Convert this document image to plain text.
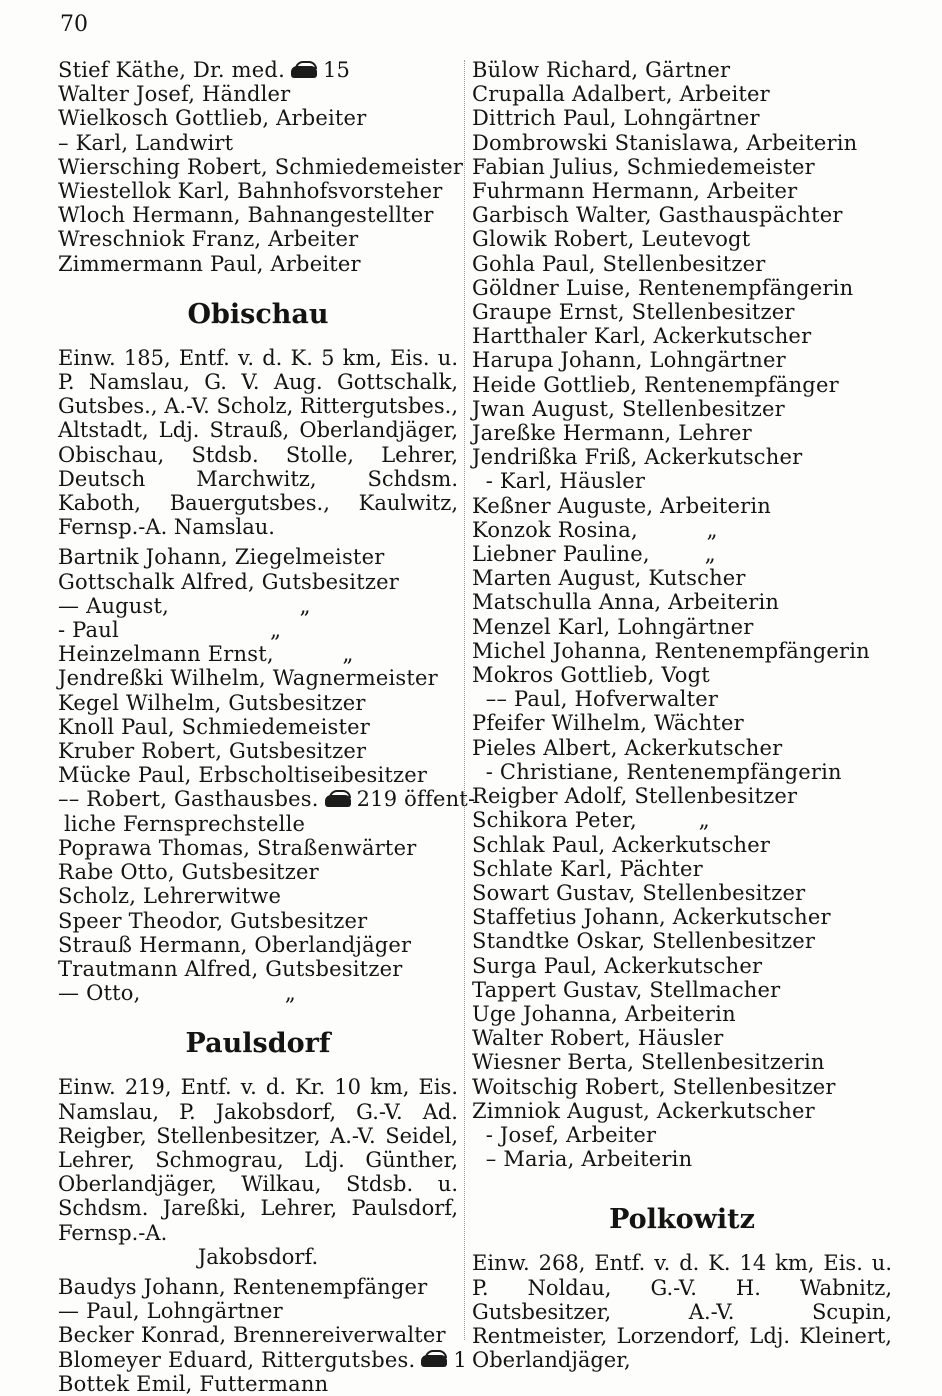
70
Stief Käthe, Dr. med. 15
Walter Josef, Händler
Wielkosch Gottlieb, Arbeiter
– Karl, Landwirt
Wiersching Robert, Schmiedemeister
Wiestellok Karl, Bahnhofsvorsteher
Wloch Hermann, Bahnangestellter
Wreschniok Franz, Arbeiter
Zimmermann Paul, Arbeiter
Obischau
Einw. 185, Entf. v. d. K. 5 km, Eis. u. P. Namslau, G. V. Aug. Gottschalk, Gutsbes., A.-V. Scholz, Rittergutsbes., Altstadt, Ldj. Strauß, Oberlandjäger, Obischau, Stdsb. Stolle, Lehrer, Deutsch Marchwitz, Schdsm. Kaboth, Bauergutsbes., Kaulwitz, Fernsp.-A. Namslau.
Bartnik Johann, Ziegelmeister
Gottschalk Alfred, Gutsbesitzer
— August,                   „
- Paul                      „
Heinzelmann Ernst,          „
Jendreßki Wilhelm, Wagnermeister
Kegel Wilhelm, Gutsbesitzer
Knoll Paul, Schmiedemeister
Kruber Robert, Gutsbesitzer
Mücke Paul, Erbscholtiseibesitzer
–– Robert, Gasthausbes. 219 öffent-
liche Fernsprechstelle
Poprawa Thomas, Straßenwärter
Rabe Otto, Gutsbesitzer
Scholz, Lehrerwitwe
Speer Theodor, Gutsbesitzer
Strauß Hermann, Oberlandjäger
Trautmann Alfred, Gutsbesitzer
— Otto,                     „
Paulsdorf
Einw. 219, Entf. v. d. Kr. 10 km, Eis. Namslau, P. Jakobsdorf, G.-V. Ad. Reigber, Stellenbesitzer, A.-V. Seidel, Lehrer, Schmograu, Ldj. Günther, Oberlandjäger, Wilkau, Stdsb. u. Schdsm. Jareßki, Lehrer, Paulsdorf, Fernsp.-A.
Jakobsdorf.
Baudys Johann, Rentenempfänger
— Paul, Lohngärtner
Becker Konrad, Brennereiverwalter
Blomeyer Eduard, Rittergutsbes. 1
Bottek Emil, Futtermann
Bülow Richard, Gärtner
Crupalla Adalbert, Arbeiter
Dittrich Paul, Lohngärtner
Dombrowski Stanislawa, Arbeiterin
Fabian Julius, Schmiedemeister
Fuhrmann Hermann, Arbeiter
Garbisch Walter, Gasthauspächter
Glowik Robert, Leutevogt
Gohla Paul, Stellenbesitzer
Göldner Luise, Rentenempfängerin
Graupe Ernst, Stellenbesitzer
Hartthaler Karl, Ackerkutscher
Harupa Johann, Lohngärtner
Heide Gottlieb, Rentenempfänger
Jwan August, Stellenbesitzer
Jareßke Hermann, Lehrer
Jendrißka Friß, Ackerkutscher
- Karl, Häusler
Keßner Auguste, Arbeiterin
Konzok Rosina,          „
Liebner Pauline,        „
Marten August, Kutscher
Matschulla Anna, Arbeiterin
Menzel Karl, Lohngärtner
Michel Johanna, Rentenempfängerin
Mokros Gottlieb, Vogt
–– Paul, Hofverwalter
Pfeifer Wilhelm, Wächter
Pieles Albert, Ackerkutscher
- Christiane, Rentenempfängerin
Reigber Adolf, Stellenbesitzer
Schikora Peter,         „
Schlak Paul, Ackerkutscher
Schlate Karl, Pächter
Sowart Gustav, Stellenbesitzer
Staffetius Johann, Ackerkutscher
Standtke Oskar, Stellenbesitzer
Surga Paul, Ackerkutscher
Tappert Gustav, Stellmacher
Uge Johanna, Arbeiterin
Walter Robert, Häusler
Wiesner Berta, Stellenbesitzerin
Woitschig Robert, Stellenbesitzer
Zimniok August, Ackerkutscher
- Josef, Arbeiter
– Maria, Arbeiterin
Polkowitz
Einw. 268, Entf. v. d. K. 14 km, Eis. u. P. Noldau, G.-V. H. Wabnitz, Gutsbesitzer, A.-V. Scupin, Rentmeister, Lorzendorf, Ldj. Kleinert, Oberlandjäger,
